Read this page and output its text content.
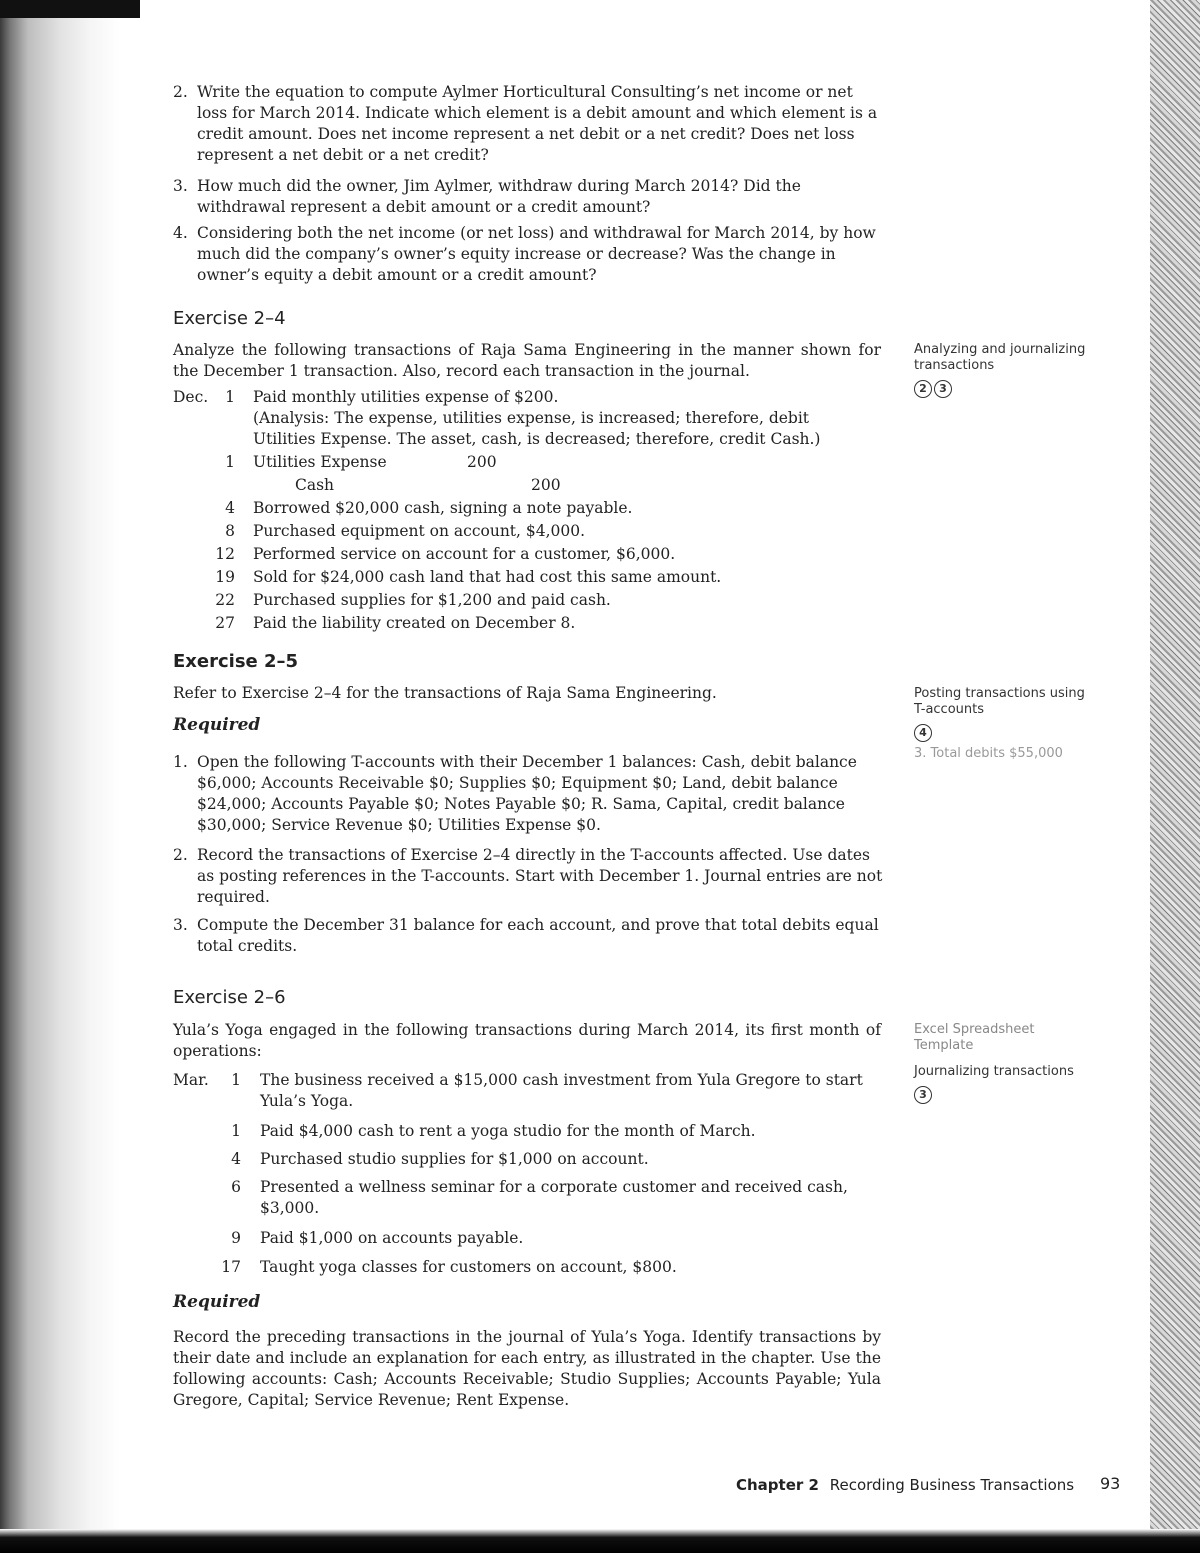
2. Write the equation to compute Aylmer Horticultural Consulting’s net income or net loss for March 2014. Indicate which element is a debit amount and which element is a credit amount. Does net income represent a net debit or a net credit? Does net loss represent a net debit or a net credit?
3. How much did the owner, Jim Aylmer, withdraw during March 2014? Did the withdrawal represent a debit amount or a credit amount?
4. Considering both the net income (or net loss) and withdrawal for March 2014, by how much did the company’s owner’s equity increase or decrease? Was the change in owner’s equity a debit amount or a credit amount?
Exercise 2–4
Analyze the following transactions of Raja Sama Engineering in the manner shown for the December 1 transaction. Also, record each transaction in the journal.
Dec.	1 Paid monthly utilities expense of $200.
(Analysis: The expense, utilities expense, is increased; therefore, debit
Utilities Expense. The asset, cash, is decreased; therefore, credit Cash.)
1 Utilities Expense	200
Cash	200
4 Borrowed $20,000 cash, signing a note payable.
8 Purchased equipment on account, $4,000.
12 Performed service on account for a customer, $6,000.
19 Sold for $24,000 cash land that had cost this same amount.
22 Purchased supplies for $1,200 and paid cash.
27 Paid the liability created on December 8.
Analyzing and journalizing transactions
2 3
Exercise 2–5
Refer to Exercise 2–4 for the transactions of Raja Sama Engineering.
Required
1. Open the following T-accounts with their December 1 balances: Cash, debit balance $6,000; Accounts Receivable $0; Supplies $0; Equipment $0; Land, debit balance $24,000; Accounts Payable $0; Notes Payable $0; R. Sama, Capital, credit balance $30,000; Service Revenue $0; Utilities Expense $0.
2. Record the transactions of Exercise 2–4 directly in the T-accounts affected. Use dates as posting references in the T-accounts. Start with December 1. Journal entries are not required.
3. Compute the December 31 balance for each account, and prove that total debits equal total credits.
Posting transactions using T-accounts
4
3. Total debits $55,000
Exercise 2–6
Yula’s Yoga engaged in the following transactions during March 2014, its first month of operations:
Mar.	1 The business received a $15,000 cash investment from Yula Gregore to start Yula’s Yoga.
1 Paid $4,000 cash to rent a yoga studio for the month of March.
4 Purchased studio supplies for $1,000 on account.
6 Presented a wellness seminar for a corporate customer and received cash, $3,000.
9 Paid $1,000 on accounts payable.
17 Taught yoga classes for customers on account, $800.
Required
Record the preceding transactions in the journal of Yula’s Yoga. Identify transactions by their date and include an explanation for each entry, as illustrated in the chapter. Use the following accounts: Cash; Accounts Receivable; Studio Supplies; Accounts Payable; Yula Gregore, Capital; Service Revenue; Rent Expense.
Excel Spreadsheet Template
Journalizing transactions
3
Chapter 2 Recording Business Transactions 93
